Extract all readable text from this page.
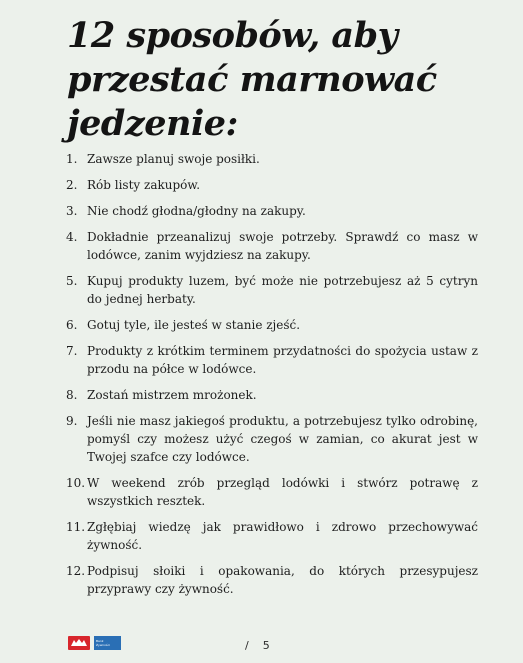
12 sposobów, aby
przestać marnować
jedzenie:
1. Zawsze planuj swoje posiłki.
2. Rób listy zakupów.
3. Nie chodź głodna/głodny na zakupy.
4. Dokładnie przeanalizuj swoje potrzeby. Sprawdź co masz w lodówce, zanim wyjdziesz na zakupy.
5. Kupuj produkty luzem, być może nie potrzebujesz aż 5 cytryn do jednej herbaty.
6. Gotuj tyle, ile jesteś w stanie zjeść.
7. Produkty z krótkim terminem przydatności do spożycia ustaw z przodu na półce w lodówce.
8. Zostań mistrzem mrożonek.
9. Jeśli nie masz jakiegoś produktu, a potrzebujesz tylko odrobinę, pomyśl czy możesz użyć czegoś w zamian, co akurat jest w Twojej szafce czy lodówce.
10. W weekend zrób przegląd lodówki i stwórz potrawę z wszystkich resztek.
11. Zgłębiaj wiedzę jak prawidłowo i zdrowo przechowywać żywność.
12. Podpisuj słoiki i opakowania, do których przesypujesz przyprawy czy żywność.
Bank
Żywności	/ 5
